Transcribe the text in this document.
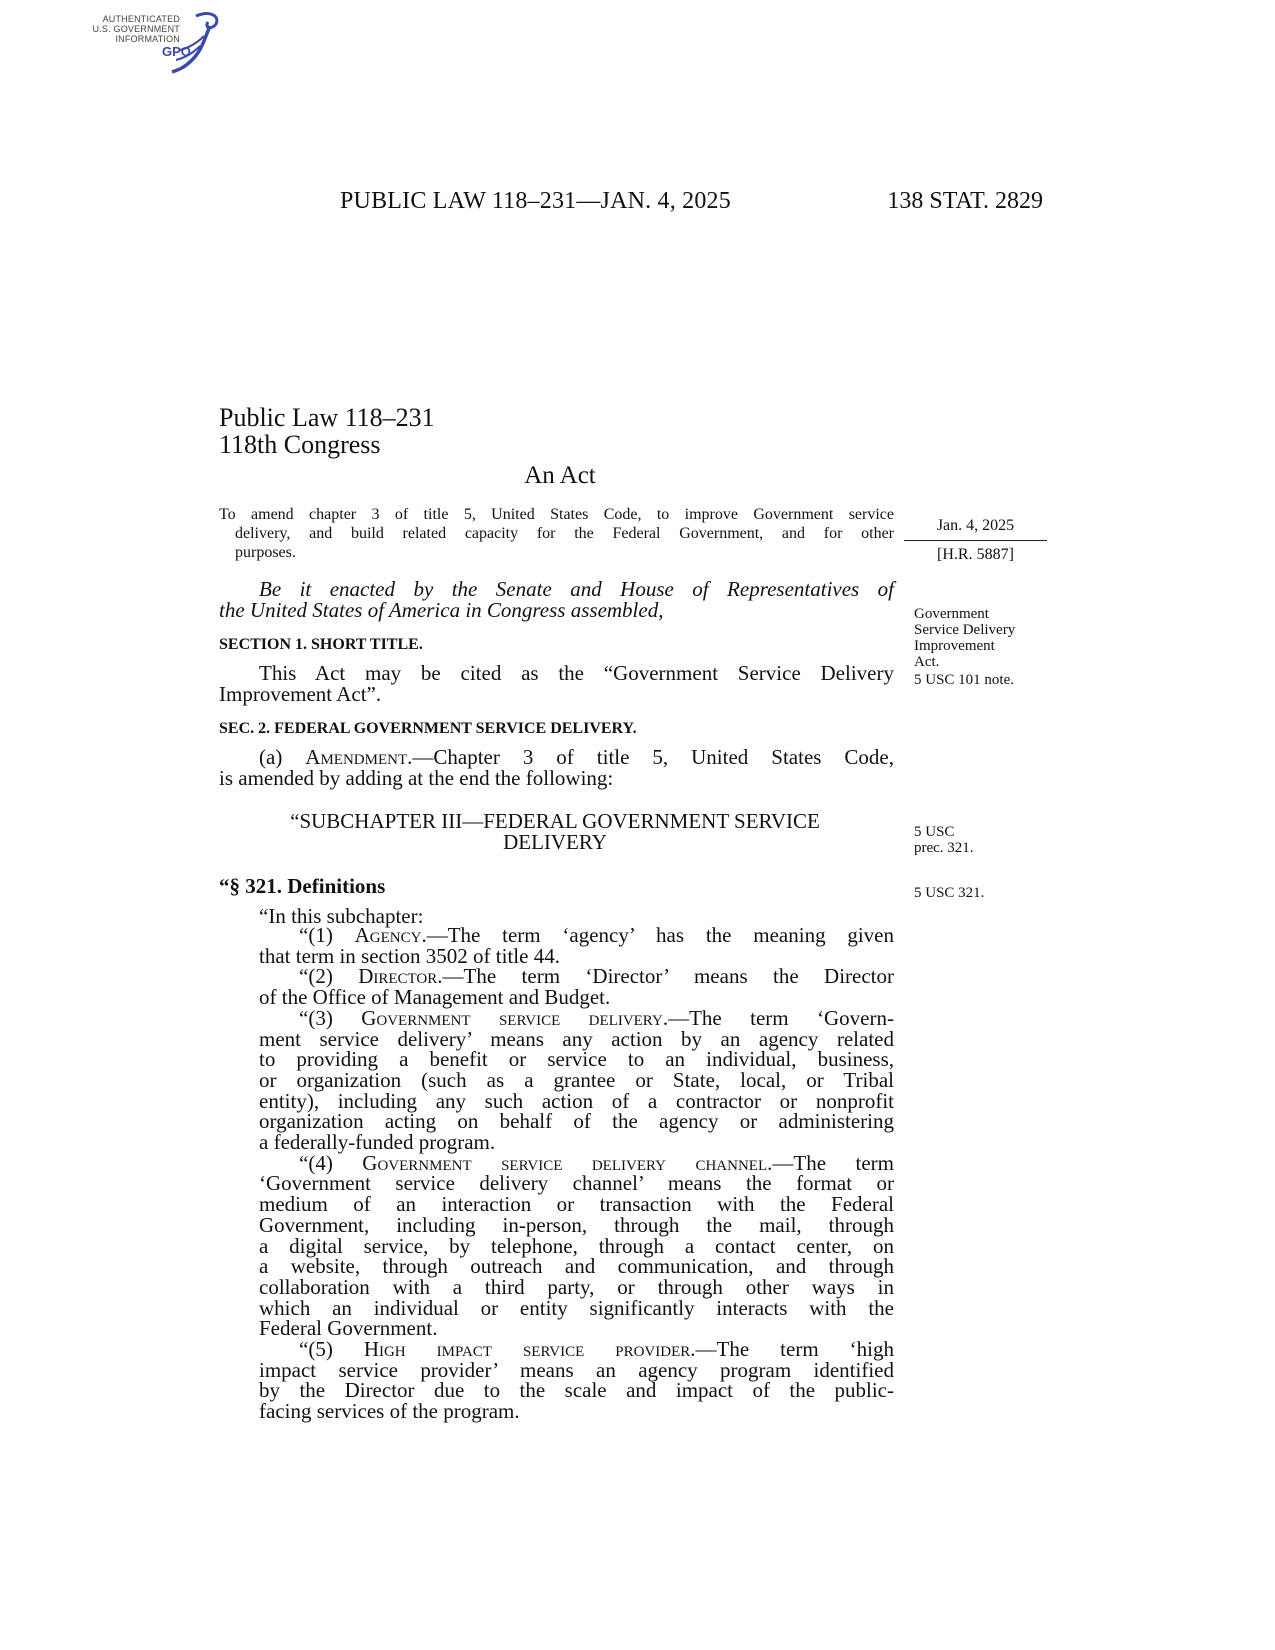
AUTHENTICATED
U.S. GOVERNMENT
INFORMATION
GPO
PUBLIC LAW 118–231—JAN. 4, 2025	138 STAT. 2829
Public Law 118–231
118th Congress
An Act
To amend chapter 3 of title 5, United States Code, to improve Government service
delivery, and build related capacity for the Federal Government, and for other
purposes.
Jan. 4, 2025
[H.R. 5887]
Government
Service Delivery
Improvement
Act.
5 USC 101 note.
5 USC
prec. 321.
5 USC 321.
Be it enacted by the Senate and House of Representatives of
the United States of America in Congress assembled,
SECTION 1. SHORT TITLE.
This Act may be cited as the “Government Service Delivery
Improvement Act”.
SEC. 2. FEDERAL GOVERNMENT SERVICE DELIVERY.
(a) Amendment.—Chapter 3 of title 5, United States Code,
is amended by adding at the end the following:
“SUBCHAPTER III—FEDERAL GOVERNMENT SERVICE
DELIVERY
“§ 321. Definitions
“In this subchapter:
“(1) Agency.—The term ‘agency’ has the meaning given
that term in section 3502 of title 44.
“(2) Director.—The term ‘Director’ means the Director
of the Office of Management and Budget.
“(3) Government service delivery.—The term ‘Govern-
ment service delivery’ means any action by an agency related
to providing a benefit or service to an individual, business,
or organization (such as a grantee or State, local, or Tribal
entity), including any such action of a contractor or nonprofit
organization acting on behalf of the agency or administering
a federally-funded program.
“(4) Government service delivery channel.—The term
‘Government service delivery channel’ means the format or
medium of an interaction or transaction with the Federal
Government, including in-person, through the mail, through
a digital service, by telephone, through a contact center, on
a website, through outreach and communication, and through
collaboration with a third party, or through other ways in
which an individual or entity significantly interacts with the
Federal Government.
“(5) High impact service provider.—The term ‘high
impact service provider’ means an agency program identified
by the Director due to the scale and impact of the public-
facing services of the program.
